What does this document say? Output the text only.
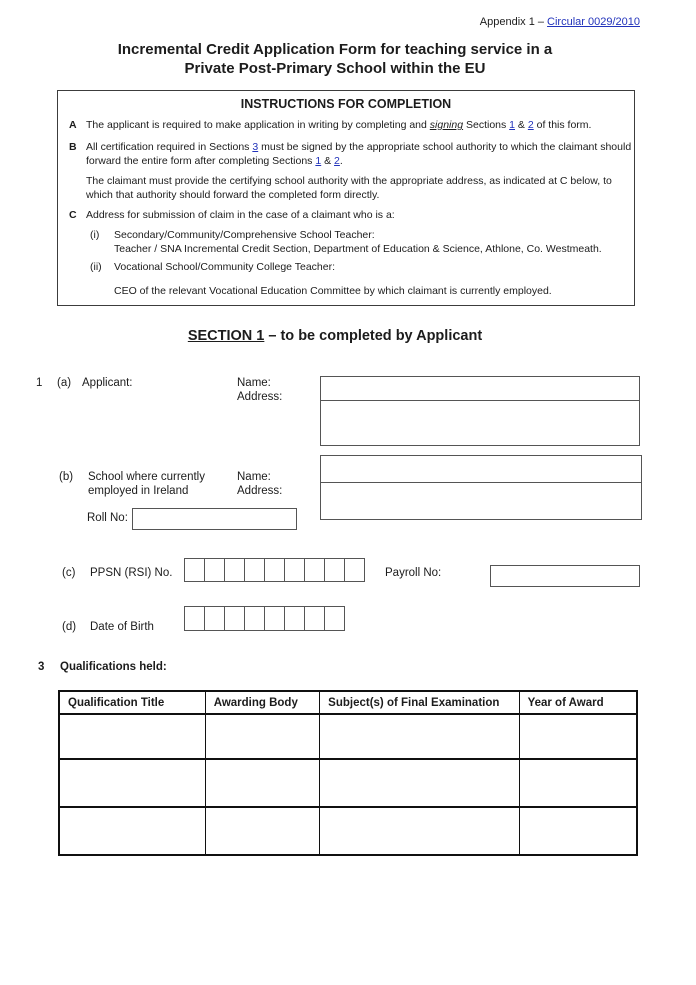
Appendix 1 – Circular 0029/2010
Incremental Credit Application Form for teaching service in a
Private Post-Primary School within the EU
INSTRUCTIONS FOR COMPLETION
A The applicant is required to make application in writing by completing and signing Sections 1 & 2 of this form.
B All certification required in Sections 3 must be signed by the appropriate school authority to which the claimant should forward the entire form after completing Sections 1 & 2.
The claimant must provide the certifying school authority with the appropriate address, as indicated at C below, to which that authority should forward the completed form directly.
C Address for submission of claim in the case of a claimant who is a:
(i) Secondary/Community/Comprehensive School Teacher:
Teacher / SNA Incremental Credit Section, Department of Education & Science, Athlone, Co. Westmeath.
(ii) Vocational School/Community College Teacher:
CEO of the relevant Vocational Education Committee by which claimant is currently employed.
SECTION 1 – to be completed by Applicant
1 (a) Applicant:	Name:
Address:
(b) School where currently
employed in Ireland
Name:
Address:
Roll No:
(c) PPSN (RSI) No.	Payroll No:
(d) Date of Birth
3 Qualifications held:
Qualification Title	Awarding Body	Subject(s) of Final Examination	Year of Award
